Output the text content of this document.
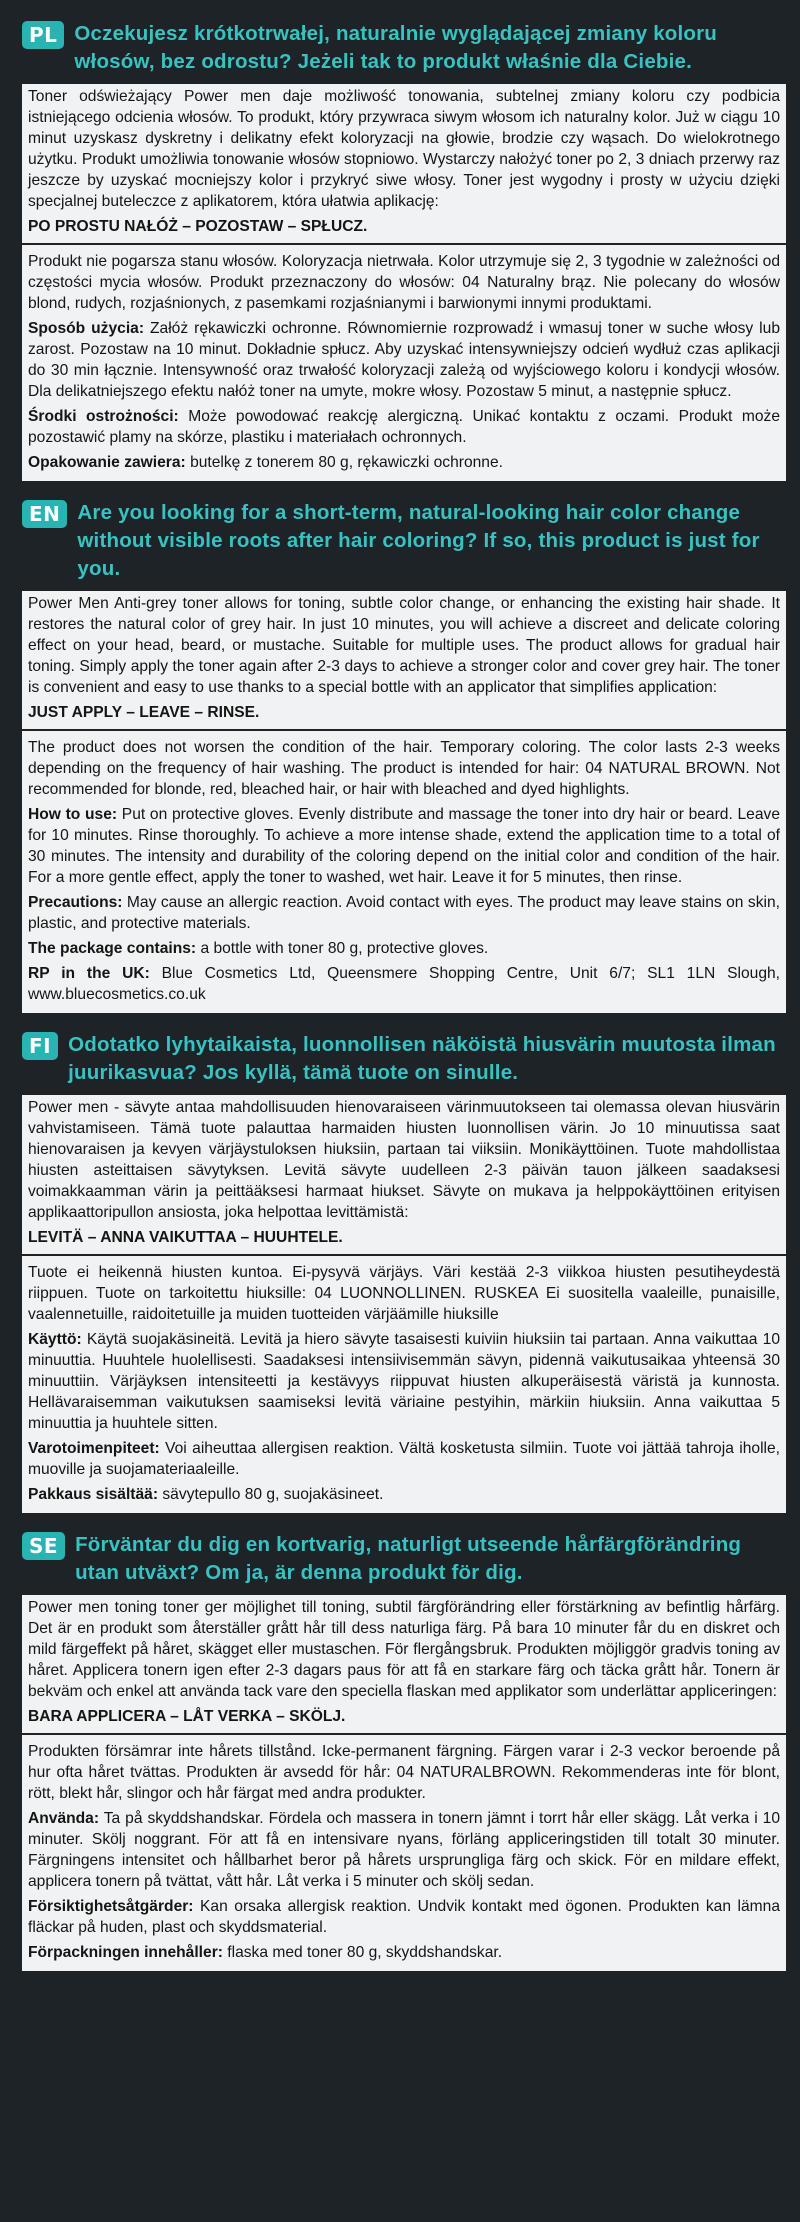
PL Oczekujesz krótkotrwałej, naturalnie wyglądającej zmiany koloru włosów, bez odrostu? Jeżeli tak to produkt właśnie dla Ciebie.

Toner odświeżający Power men daje możliwość tonowania, subtelnej zmiany koloru czy podbicia istniejącego odcienia włosów. To produkt, który przywraca siwym włosom ich naturalny kolor. Już w ciągu 10 minut uzyskasz dyskretny i delikatny efekt koloryzacji na głowie, brodzie czy wąsach. Do wielokrotnego użytku. Produkt umożliwia tonowanie włosów stopniowo. Wystarczy nałożyć toner po 2, 3 dniach przerwy raz jeszcze by uzyskać mocniejszy kolor i przykryć siwe włosy. Toner jest wygodny i prosty w użyciu dzięki specjalnej buteleczce z aplikatorem, która ułatwia aplikację:

PO PROSTU NAŁÓŻ – POZOSTAW – SPŁUCZ.

Produkt nie pogarsza stanu włosów. Koloryzacja nietrwała. Kolor utrzymuje się 2, 3 tygodnie w zależności od częstości mycia włosów. Produkt przeznaczony do włosów: 04 Naturalny brąz. Nie polecany do włosów blond, rudych, rozjaśnionych, z pasemkami rozjaśnianymi i barwionymi innymi produktami.

Sposób użycia: Załóż rękawiczki ochronne. Równomiernie rozprowadź i wmasuj toner w suche włosy lub zarost. Pozostaw na 10 minut. Dokładnie spłucz. Aby uzyskać intensywniejszy odcień wydłuż czas aplikacji do 30 min łącznie. Intensywność oraz trwałość koloryzacji zależą od wyjściowego koloru i kondycji włosów. Dla delikatniejszego efektu nałóż toner na umyte, mokre włosy. Pozostaw 5 minut, a następnie spłucz.

Środki ostrożności: Może powodować reakcję alergiczną. Unikać kontaktu z oczami. Produkt może pozostawić plamy na skórze, plastiku i materiałach ochronnych.

Opakowanie zawiera: butelkę z tonerem 80 g, rękawiczki ochronne.

EN Are you looking for a short-term, natural-looking hair color change without visible roots after hair coloring? If so, this product is just for you.

Power Men Anti-grey toner allows for toning, subtle color change, or enhancing the existing hair shade. It restores the natural color of grey hair. In just 10 minutes, you will achieve a discreet and delicate coloring effect on your head, beard, or mustache. Suitable for multiple uses. The product allows for gradual hair toning. Simply apply the toner again after 2-3 days to achieve a stronger color and cover grey hair. The toner is convenient and easy to use thanks to a special bottle with an applicator that simplifies application:

JUST APPLY – LEAVE – RINSE.

The product does not worsen the condition of the hair. Temporary coloring. The color lasts 2-3 weeks depending on the frequency of hair washing. The product is intended for hair: 04 NATURAL BROWN. Not recommended for blonde, red, bleached hair, or hair with bleached and dyed highlights.

How to use: Put on protective gloves. Evenly distribute and massage the toner into dry hair or beard. Leave for 10 minutes. Rinse thoroughly. To achieve a more intense shade, extend the application time to a total of 30 minutes. The intensity and durability of the coloring depend on the initial color and condition of the hair. For a more gentle effect, apply the toner to washed, wet hair. Leave it for 5 minutes, then rinse.

Precautions: May cause an allergic reaction. Avoid contact with eyes. The product may leave stains on skin, plastic, and protective materials.

The package contains: a bottle with toner 80 g, protective gloves.

RP in the UK: Blue Cosmetics Ltd, Queensmere Shopping Centre, Unit 6/7; SL1 1LN Slough, www.bluecosmetics.co.uk

FI Odotatko lyhytaikaista, luonnollisen näköistä hiusvärin muutosta ilman juurikasvua? Jos kyllä, tämä tuote on sinulle.

Power men - sävyte antaa mahdollisuuden hienovaraiseen värinmuutokseen tai olemassa olevan hiusvärin vahvistamiseen. Tämä tuote palauttaa harmaiden hiusten luonnollisen värin. Jo 10 minuutissa saat hienovaraisen ja kevyen värjäystuloksen hiuksiin, partaan tai viiksiin. Monikäyttöinen. Tuote mahdollistaa hiusten asteittaisen sävytyksen. Levitä sävyte uudelleen 2-3 päivän tauon jälkeen saadaksesi voimakkaamman värin ja peittääksesi harmaat hiukset. Sävyte on mukava ja helppokäyttöinen erityisen applikaattoripullon ansiosta, joka helpottaa levittämistä:

LEVITÄ – ANNA VAIKUTTAA – HUUHTELE.

Tuote ei heikennä hiusten kuntoa. Ei-pysyvä värjäys. Väri kestää 2-3 viikkoa hiusten pesutiheydestä riippuen. Tuote on tarkoitettu hiuksille: 04 LUONNOLLINEN. RUSKEA Ei suositella vaaleille, punaisille, vaalennetuille, raidoitetuille ja muiden tuotteiden värjäämille hiuksille

Käyttö: Käytä suojakäsineitä. Levitä ja hiero sävyte tasaisesti kuiviin hiuksiin tai partaan. Anna vaikuttaa 10 minuuttia. Huuhtele huolellisesti. Saadaksesi intensiivisemmän sävyn, pidennä vaikutusaikaa yhteensä 30 minuuttiin. Värjäyksen intensiteetti ja kestävyys riippuvat hiusten alkuperäisestä väristä ja kunnosta. Hellävaraisemman vaikutuksen saamiseksi levitä väriaine pestyihin, märkiin hiuksiin. Anna vaikuttaa 5 minuuttia ja huuhtele sitten.

Varotoimenpiteet: Voi aiheuttaa allergisen reaktion. Vältä kosketusta silmiin. Tuote voi jättää tahroja iholle, muoville ja suojamateriaaleille.

Pakkaus sisältää: sävytepullo 80 g, suojakäsineet.

SE Förväntar du dig en kortvarig, naturligt utseende hårfärgförändring utan utväxt? Om ja, är denna produkt för dig.

Power men toning toner ger möjlighet till toning, subtil färgförändring eller förstärkning av befintlig hårfärg. Det är en produkt som återställer grått hår till dess naturliga färg. På bara 10 minuter får du en diskret och mild färgeffekt på håret, skägget eller mustaschen. För flergångsbruk. Produkten möjliggör gradvis toning av håret. Applicera tonern igen efter 2-3 dagars paus för att få en starkare färg och täcka grått hår. Tonern är bekväm och enkel att använda tack vare den speciella flaskan med applikator som underlättar appliceringen:

BARA APPLICERA – LÅT VERKA – SKÖLJ.

Produkten försämrar inte hårets tillstånd. Icke-permanent färgning. Färgen varar i 2-3 veckor beroende på hur ofta håret tvättas. Produkten är avsedd för hår: 04 NATURALBROWN. Rekommenderas inte för blont, rött, blekt hår, slingor och hår färgat med andra produkter.

Använda: Ta på skyddshandskar. Fördela och massera in tonern jämnt i torrt hår eller skägg. Låt verka i 10 minuter. Skölj noggrant. För att få en intensivare nyans, förläng appliceringstiden till totalt 30 minuter. Färgningens intensitet och hållbarhet beror på hårets ursprungliga färg och skick. För en mildare effekt, applicera tonern på tvättat, vått hår. Låt verka i 5 minuter och skölj sedan.

Försiktighetsåtgärder: Kan orsaka allergisk reaktion. Undvik kontakt med ögonen. Produkten kan lämna fläckar på huden, plast och skyddsmaterial.

Förpackningen innehåller: flaska med toner 80 g, skyddshandskar.
